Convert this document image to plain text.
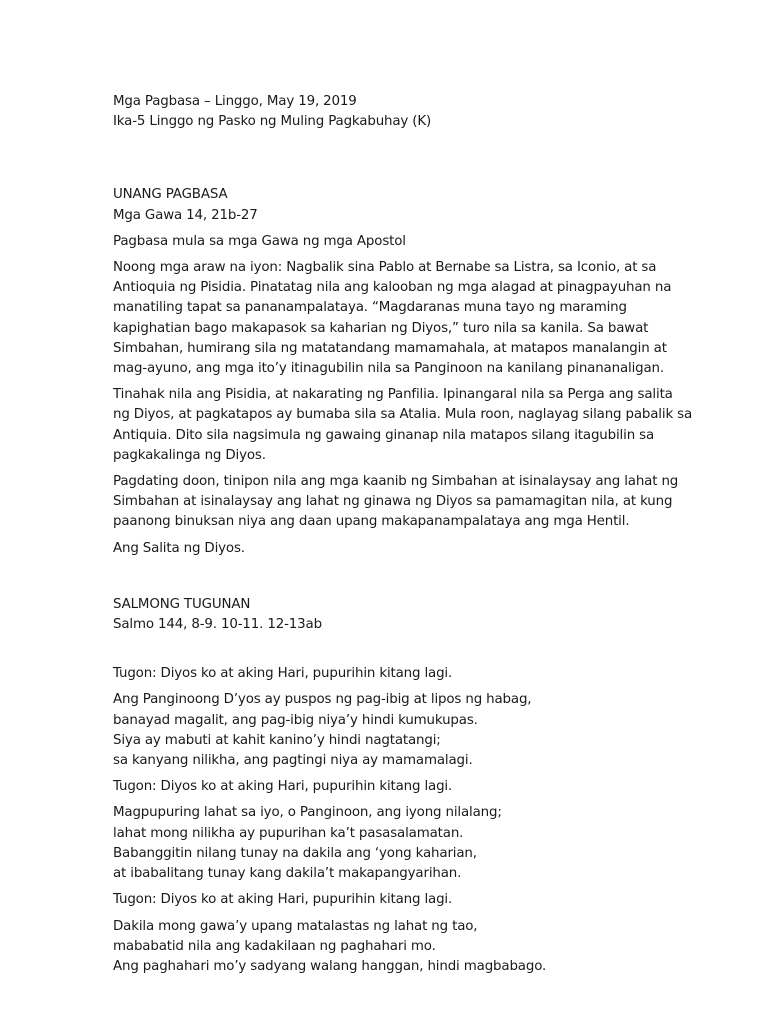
Mga Pagbasa – Linggo, May 19, 2019
Ika-5 Linggo ng Pasko ng Muling Pagkabuhay (K)
UNANG PAGBASA
Mga Gawa 14, 21b-27
Pagbasa mula sa mga Gawa ng mga Apostol
Noong mga araw na iyon: Nagbalik sina Pablo at Bernabe sa Listra, sa Iconio, at sa
Antioquia ng Pisidia. Pinatatag nila ang kalooban ng mga alagad at pinagpayuhan na
manatiling tapat sa pananampalataya. “Magdaranas muna tayo ng maraming
kapighatian bago makapasok sa kaharian ng Diyos,” turo nila sa kanila. Sa bawat
Simbahan, humirang sila ng matatandang mamamahala, at matapos manalangin at
mag-ayuno, ang mga ito’y itinagubilin nila sa Panginoon na kanilang pinananaligan.
Tinahak nila ang Pisidia, at nakarating ng Panfilia. Ipinangaral nila sa Perga ang salita
ng Diyos, at pagkatapos ay bumaba sila sa Atalia. Mula roon, naglayag silang pabalik sa
Antiquia. Dito sila nagsimula ng gawaing ginanap nila matapos silang itagubilin sa
pagkakalinga ng Diyos.
Pagdating doon, tinipon nila ang mga kaanib ng Simbahan at isinalaysay ang lahat ng
Simbahan at isinalaysay ang lahat ng ginawa ng Diyos sa pamamagitan nila, at kung
paanong binuksan niya ang daan upang makapanampalataya ang mga Hentil.
Ang Salita ng Diyos.
SALMONG TUGUNAN
Salmo 144, 8-9. 10-11. 12-13ab
Tugon: Diyos ko at aking Hari, pupurihin kitang lagi.
Ang Panginoong D’yos ay puspos ng pag-ibig at lipos ng habag,
banayad magalit, ang pag-ibig niya’y hindi kumukupas.
Siya ay mabuti at kahit kanino’y hindi nagtatangi;
sa kanyang nilikha, ang pagtingi niya ay mamamalagi.
Tugon: Diyos ko at aking Hari, pupurihin kitang lagi.
Magpupuring lahat sa iyo, o Panginoon, ang iyong nilalang;
lahat mong nilikha ay pupurihan ka’t pasasalamatan.
Babanggitin nilang tunay na dakila ang ‘yong kaharian,
at ibabalitang tunay kang dakila’t makapangyarihan.
Tugon: Diyos ko at aking Hari, pupurihin kitang lagi.
Dakila mong gawa’y upang matalastas ng lahat ng tao,
mababatid nila ang kadakilaan ng paghahari mo.
Ang paghahari mo’y sadyang walang hanggan, hindi magbabago.
